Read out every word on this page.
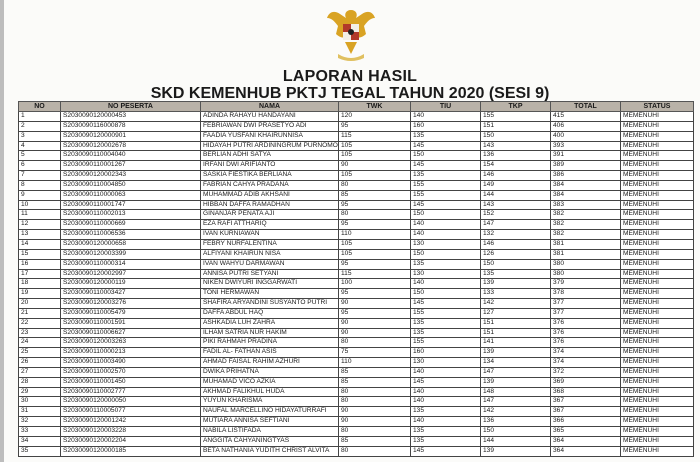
LAPORAN HASIL
SKD KEMENHUB PKTJ TEGAL TAHUN 2020 (SESI 9)
NO	NO PESERTA	NAMA	TWK	TIU	TKP	TOTAL	STATUS
1	S2030090120000453	ADINDA RAHAYU HANDAYANI	120	140	155	415	MEMENUHI
2	S2030090116000878	FEBRIAWAN DWI PRASETYO ADI	95	160	151	406	MEMENUHI
3	S2030090120000901	FAADIA YUSFANI KHAIRUNNISA	115	135	150	400	MEMENUHI
4	S2030090120002678	HIDAYAH PUTRI ARDININGRUM PURNOMO	105	145	143	393	MEMENUHI
5	S2030090110004040	BERLIAN ADHI SATYA	105	150	136	391	MEMENUHI
6	S2030090110001267	IRFANI DWI ARIFIANTO	90	145	154	389	MEMENUHI
7	S2030090120002343	SASKIA FIESTIKA BERLIANA	105	135	146	386	MEMENUHI
8	S2030090110004850	FABRIAN CAHYA PRADANA	80	155	149	384	MEMENUHI
9	S2030090110000063	MUHAMMAD ADIB AKHSANI	85	155	144	384	MEMENUHI
10	S2030090110001747	HIBBAN DAFFA RAMADHAN	95	145	143	383	MEMENUHI
11	S2030090110002013	GINANJAR PENATA AJI	80	150	152	382	MEMENUHI
12	S2030090110000669	EZA RAFI ATTHARIQ	95	140	147	382	MEMENUHI
13	S2030090110006536	IVAN KURNIAWAN	110	140	132	382	MEMENUHI
14	S2030090120000658	FEBRY NURFALENTINA	105	130	146	381	MEMENUHI
15	S2030090120003399	ALFIYANI KHAIRUN NISA	105	150	126	381	MEMENUHI
16	S2030090110000314	IVAN WAHYU DARMAWAN	95	135	150	380	MEMENUHI
17	S2030090120002997	ANNISA PUTRI SETYANI	115	130	135	380	MEMENUHI
18	S2030090120000119	NIKEN DWIYURI INGGARWATI	100	140	139	379	MEMENUHI
19	S2030090110003427	TONI HERMAWAN	95	150	133	378	MEMENUHI
20	S2030090120003276	SHAFIRA ARYANDINI SUSYANTO PUTRI	90	145	142	377	MEMENUHI
21	S2030090110005479	DAFFA ABDUL HAQ	95	155	127	377	MEMENUHI
22	S2030090110001591	ASHKADIA LUH ZAHRA	90	135	151	376	MEMENUHI
23	S2030090110006627	ILHAM SATRIA NUR HAKIM	90	135	151	376	MEMENUHI
24	S2030090120003263	PIKI RAHMAH PRADINA	80	155	141	376	MEMENUHI
25	S2030090110000213	FADIL AL- FATHAN ASIS	75	160	139	374	MEMENUHI
26	S2030090110003490	AHMAD FAISAL RAHIM AZHURI	110	130	134	374	MEMENUHI
27	S2030090110002570	DWIKA PRIHATNA	85	140	147	372	MEMENUHI
28	S2030090110001450	MUHAMAD VICO AZKIA	85	145	139	369	MEMENUHI
29	S2030090110002777	AKHMAD FALIKHUL HUDA	80	140	148	368	MEMENUHI
30	S2030090120000050	YUYUN KHARISMA	80	140	147	367	MEMENUHI
31	S2030090110005077	NAUFAL MARCELLINO HIDAYATURRAFI	90	135	142	367	MEMENUHI
32	S2030090120001242	MUTIARA ANNISA SEFTIANI	90	140	136	366	MEMENUHI
33	S2030090120003228	NABILA LISTIFADA	80	135	150	365	MEMENUHI
34	S2030090120002204	ANGGITA CAHYANINGTYAS	85	135	144	364	MEMENUHI
35	S2030090120000185	BETA NATHANIA YUDITH CHRIST ALVITA	80	145	139	364	MEMENUHI
